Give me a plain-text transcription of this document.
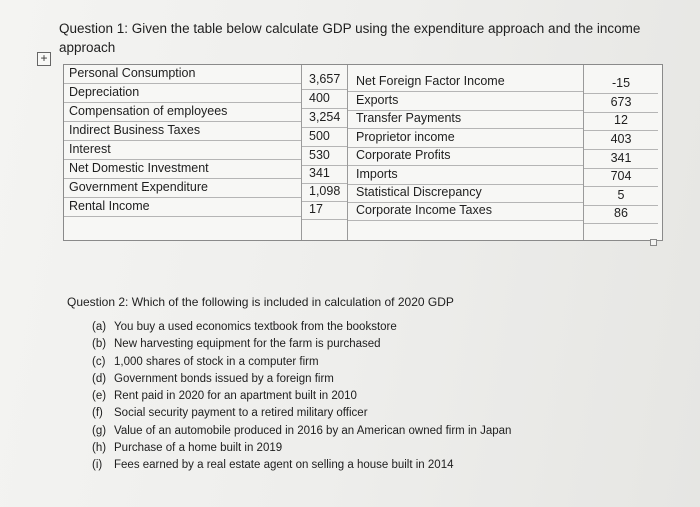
Question 1: Given the table below calculate GDP using the expenditure approach and the income
approach
+
Personal Consumption
Depreciation
Compensation of employees
Indirect Business Taxes
Interest
Net Domestic Investment
Government Expenditure
Rental Income
3,657
400
3,254
500
530
341
1,098
17
Net Foreign Factor Income
Exports
Transfer Payments
Proprietor income
Corporate Profits
Imports
Statistical Discrepancy
Corporate Income Taxes
-15
673
12
403
341
704
5
86
Question 2: Which of the following is included in calculation of 2020 GDP
(a) You buy a used economics textbook from the bookstore
(b) New harvesting equipment for the farm is purchased
(c) 1,000 shares of stock in a computer firm
(d) Government bonds issued by a foreign firm
(e) Rent paid in 2020 for an apartment built in 2010
(f) Social security payment to a retired military officer
(g) Value of an automobile produced in 2016 by an American owned firm in Japan
(h) Purchase of a home built in 2019
(i) Fees earned by a real estate agent on selling a house built in 2014
